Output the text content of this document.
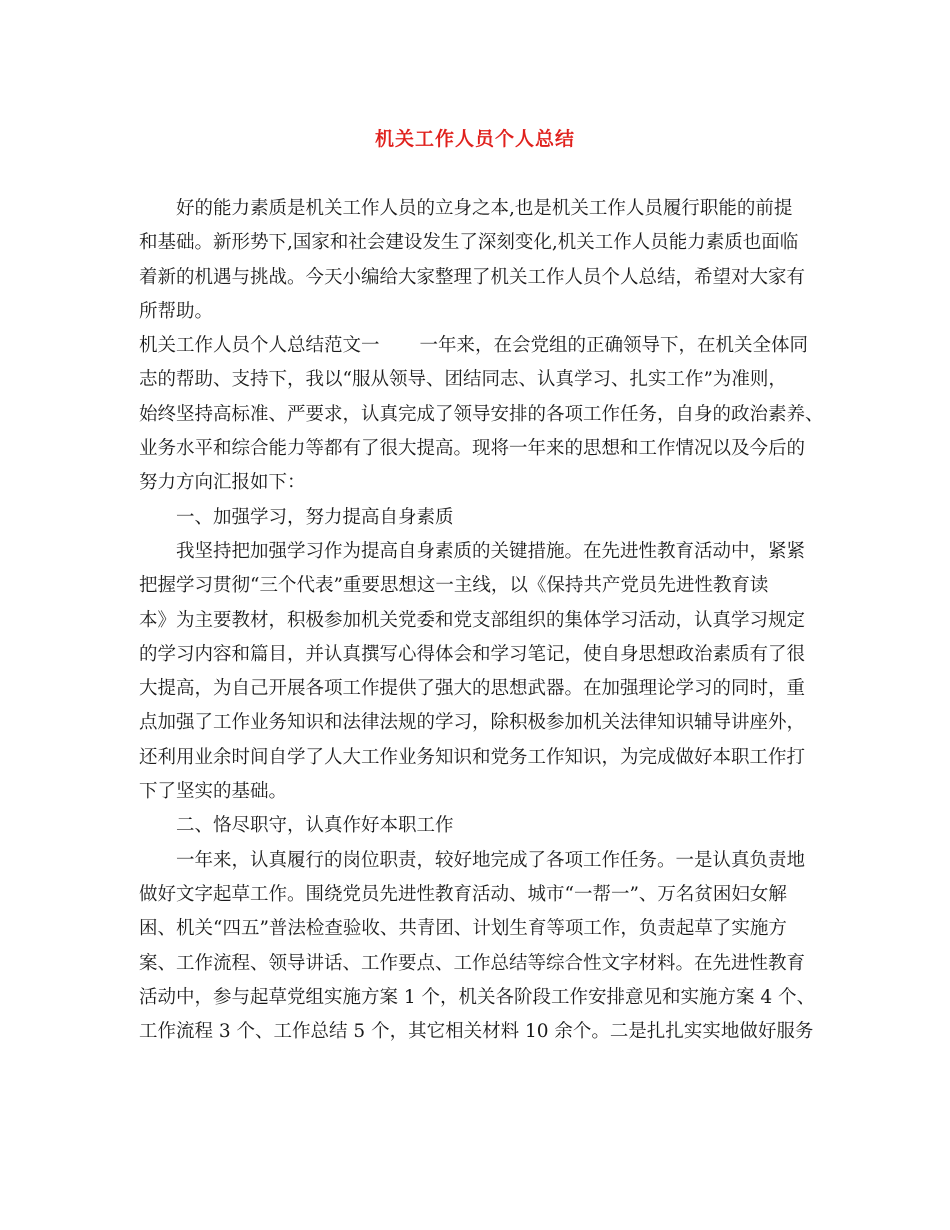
机关工作人员个人总结
好的能力素质是机关工作人员的立身之本,也是机关工作人员履行职能的前提
和基础。新形势下,国家和社会建设发生了深刻变化,机关工作人员能力素质也面临
着新的机遇与挑战。今天小编给大家整理了机关工作人员个人总结，希望对大家有
所帮助。
机关工作人员个人总结范文一 一年来，在会党组的正确领导下，在机关全体同
志的帮助、支持下，我以“服从领导、团结同志、认真学习、扎实工作”为准则，
始终坚持高标准、严要求，认真完成了领导安排的各项工作任务，自身的政治素养、
业务水平和综合能力等都有了很大提高。现将一年来的思想和工作情况以及今后的
努力方向汇报如下：
一、加强学习，努力提高自身素质
我坚持把加强学习作为提高自身素质的关键措施。在先进性教育活动中，紧紧
把握学习贯彻“三个代表”重要思想这一主线，以《保持共产党员先进性教育读
本》为主要教材，积极参加机关党委和党支部组织的集体学习活动，认真学习规定
的学习内容和篇目，并认真撰写心得体会和学习笔记，使自身思想政治素质有了很
大提高，为自己开展各项工作提供了强大的思想武器。在加强理论学习的同时，重
点加强了工作业务知识和法律法规的学习，除积极参加机关法律知识辅导讲座外，
还利用业余时间自学了人大工作业务知识和党务工作知识，为完成做好本职工作打
下了坚实的基础。
二、恪尽职守，认真作好本职工作
一年来，认真履行的岗位职责，较好地完成了各项工作任务。一是认真负责地
做好文字起草工作。围绕党员先进性教育活动、城市“一帮一”、万名贫困妇女解
困、机关“四五”普法检查验收、共青团、计划生育等项工作，负责起草了实施方
案、工作流程、领导讲话、工作要点、工作总结等综合性文字材料。在先进性教育
活动中，参与起草党组实施方案 1 个，机关各阶段工作安排意见和实施方案 4 个、
工作流程 3 个、工作总结 5 个，其它相关材料 10 余个。二是扎扎实实地做好服务
